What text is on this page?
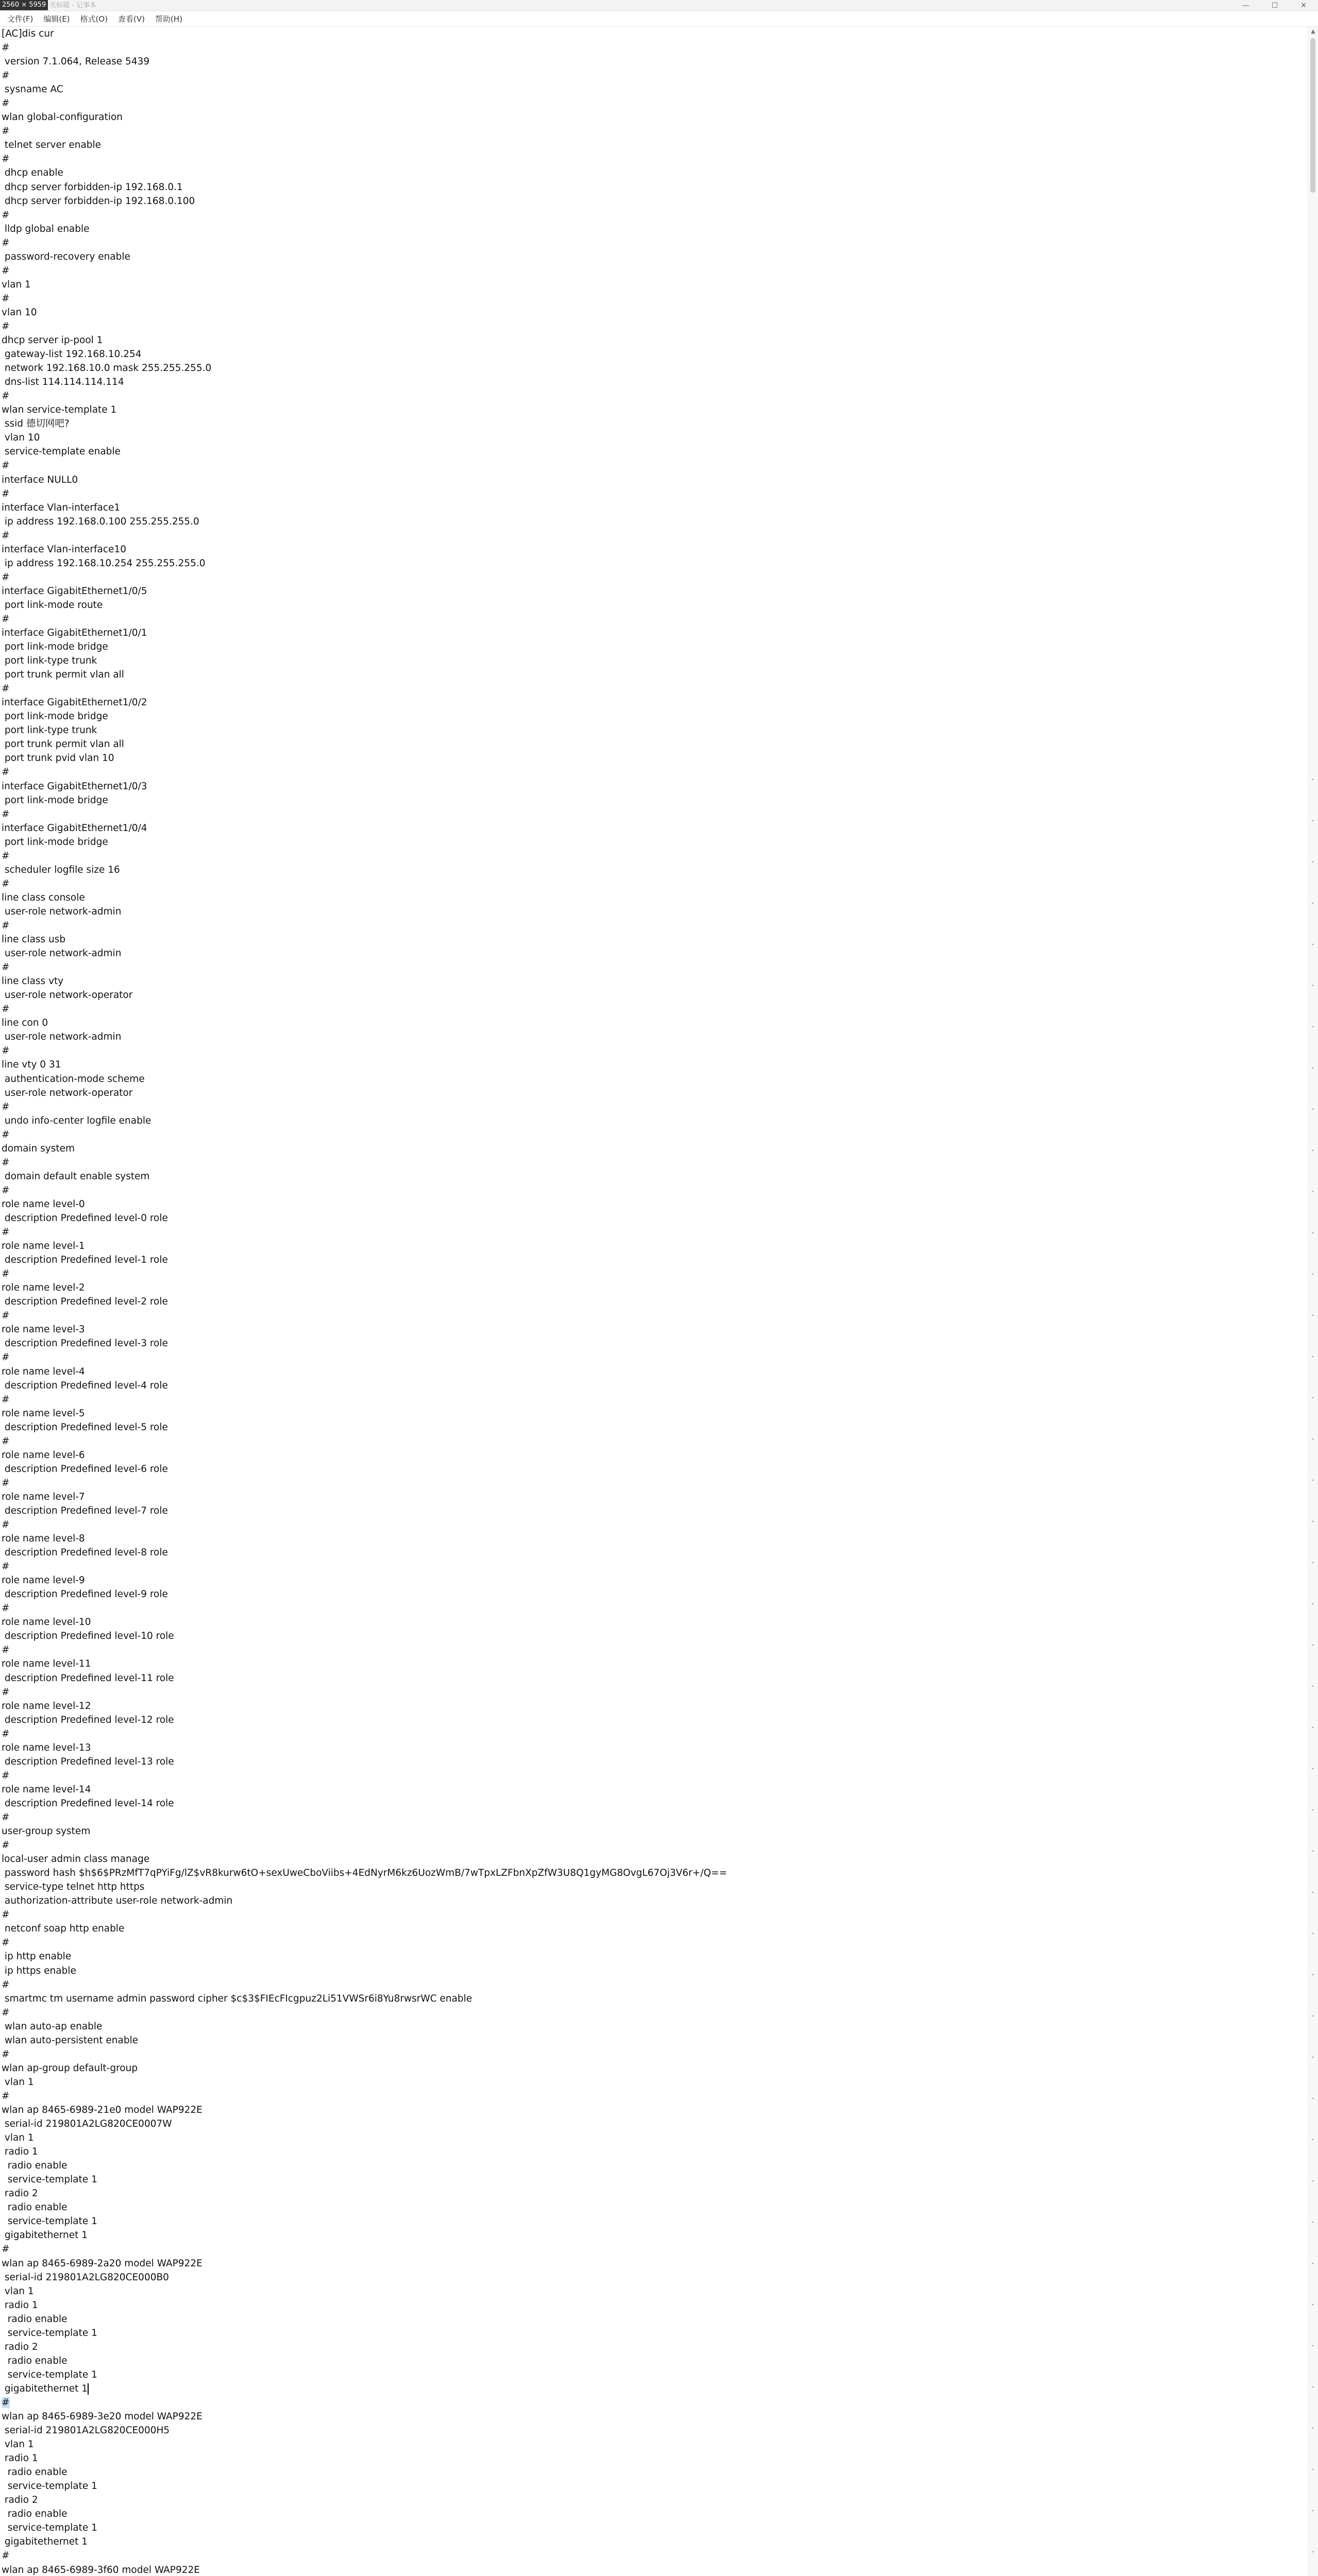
2560 × 5959 无标题 - 记事本	—	☐	✕
文件(F)	编辑(E)	格式(O)	查看(V)	帮助(H)
[AC]dis cur
#
version 7.1.064, Release 5439
#
sysname AC
#
wlan global-configuration
#
telnet server enable
#
dhcp enable
dhcp server forbidden-ip 192.168.0.1
dhcp server forbidden-ip 192.168.0.100
#
lldp global enable
#
password-recovery enable
#
vlan 1
#
vlan 10
#
dhcp server ip-pool 1
gateway-list 192.168.10.254
network 192.168.10.0 mask 255.255.255.0
dns-list 114.114.114.114
#
wlan service-template 1
ssid 德切网吧?
vlan 10
service-template enable
#
interface NULL0
#
interface Vlan-interface1
ip address 192.168.0.100 255.255.255.0
#
interface Vlan-interface10
ip address 192.168.10.254 255.255.255.0
#
interface GigabitEthernet1/0/5
port link-mode route
#
interface GigabitEthernet1/0/1
port link-mode bridge
port link-type trunk
port trunk permit vlan all
#
interface GigabitEthernet1/0/2
port link-mode bridge
port link-type trunk
port trunk permit vlan all
port trunk pvid vlan 10
#
interface GigabitEthernet1/0/3
port link-mode bridge
#
interface GigabitEthernet1/0/4
port link-mode bridge
#
scheduler logfile size 16
#
line class console
user-role network-admin
#
line class usb
user-role network-admin
#
line class vty
user-role network-operator
#
line con 0
user-role network-admin
#
line vty 0 31
authentication-mode scheme
user-role network-operator
#
undo info-center logfile enable
#
domain system
#
domain default enable system
#
role name level-0
description Predefined level-0 role
#
role name level-1
description Predefined level-1 role
#
role name level-2
description Predefined level-2 role
#
role name level-3
description Predefined level-3 role
#
role name level-4
description Predefined level-4 role
#
role name level-5
description Predefined level-5 role
#
role name level-6
description Predefined level-6 role
#
role name level-7
description Predefined level-7 role
#
role name level-8
description Predefined level-8 role
#
role name level-9
description Predefined level-9 role
#
role name level-10
description Predefined level-10 role
#
role name level-11
description Predefined level-11 role
#
role name level-12
description Predefined level-12 role
#
role name level-13
description Predefined level-13 role
#
role name level-14
description Predefined level-14 role
#
user-group system
#
local-user admin class manage
password hash $h$6$PRzMfT7qPYiFg/lZ$vR8kurw6tO+sexUweCboViibs+4EdNyrM6kz6UozWmB/7wTpxLZFbnXpZfW3U8Q1gyMG8OvgL67Oj3V6r+/Q==
service-type telnet http https
authorization-attribute user-role network-admin
#
netconf soap http enable
#
ip http enable
ip https enable
#
smartmc tm username admin password cipher $c$3$FIEcFIcgpuz2Li51VWSr6i8Yu8rwsrWC enable
#
wlan auto-ap enable
wlan auto-persistent enable
#
wlan ap-group default-group
vlan 1
#
wlan ap 8465-6989-21e0 model WAP922E
serial-id 219801A2LG820CE0007W
vlan 1
radio 1
radio enable
service-template 1
radio 2
radio enable
service-template 1
gigabitethernet 1
#
wlan ap 8465-6989-2a20 model WAP922E
serial-id 219801A2LG820CE000B0
vlan 1
radio 1
radio enable
service-template 1
radio 2
radio enable
service-template 1
gigabitethernet 1
#
wlan ap 8465-6989-3e20 model WAP922E
serial-id 219801A2LG820CE000H5
vlan 1
radio 1
radio enable
service-template 1
radio 2
radio enable
service-template 1
gigabitethernet 1
#
wlan ap 8465-6989-3f60 model WAP922E
▲
⌄
⌄
⌄
⌄
⌄
⌄
⌄
⌄
⌄
⌄
⌄
⌄
⌄
⌄
⌄
⌄
⌄
⌄
⌄
⌄
⌄
⌄
⌄
⌄
⌄
⌄
⌄
⌄
⌄
⌄
⌄
⌄
⌄
⌄
⌄
⌄
⌄
⌄
⌄
⌄
⌄
⌄
⌄
⌄
